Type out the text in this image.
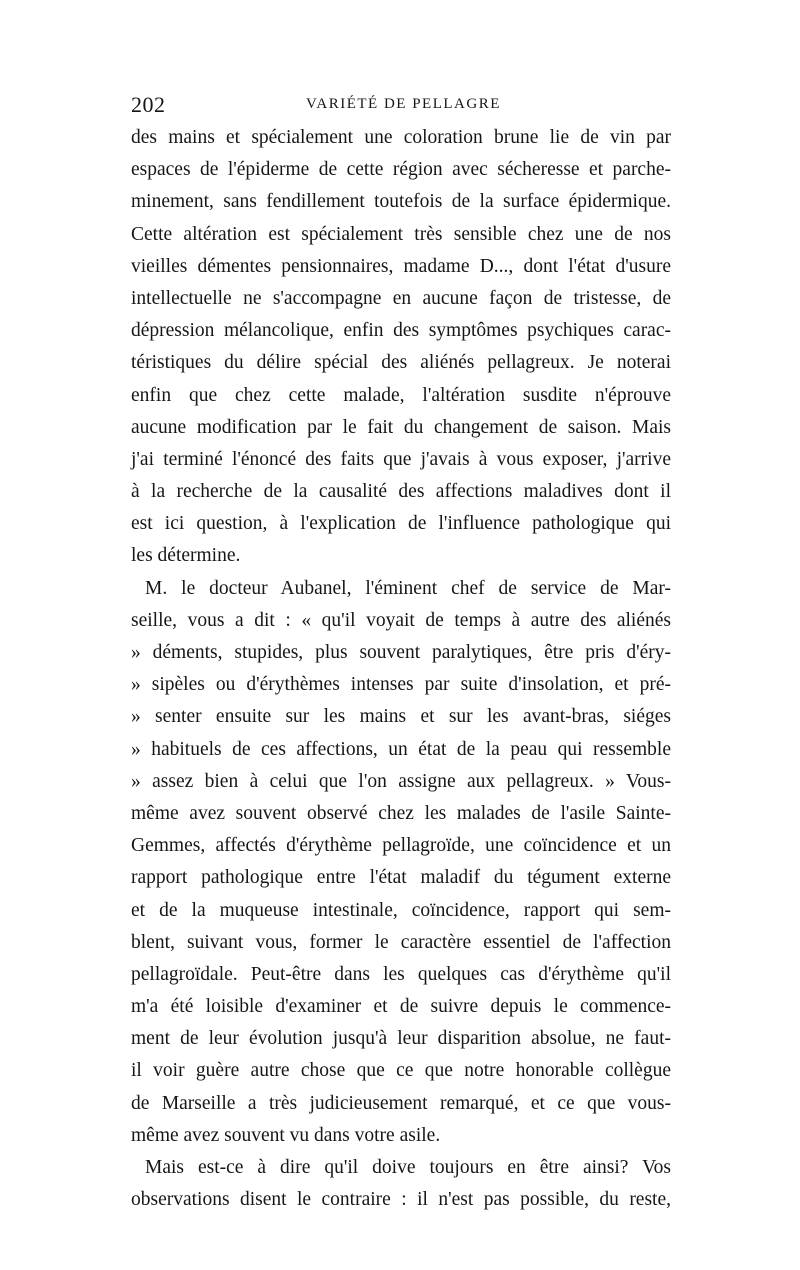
202	VARIÉTÉ DE PELLAGRE
des mains et spécialement une coloration brune lie de vin par
espaces de l'épiderme de cette région avec sécheresse et parche-
minement, sans fendillement toutefois de la surface épidermique.
Cette altération est spécialement très sensible chez une de nos
vieilles démentes pensionnaires, madame D..., dont l'état d'usure
intellectuelle ne s'accompagne en aucune façon de tristesse, de
dépression mélancolique, enfin des symptômes psychiques carac-
téristiques du délire spécial des aliénés pellagreux. Je noterai
enfin que chez cette malade, l'altération susdite n'éprouve
aucune modification par le fait du changement de saison. Mais
j'ai terminé l'énoncé des faits que j'avais à vous exposer, j'arrive
à la recherche de la causalité des affections maladives dont il
est ici question, à l'explication de l'influence pathologique qui
les détermine.
M. le docteur Aubanel, l'éminent chef de service de Mar-
seille, vous a dit : « qu'il voyait de temps à autre des aliénés
» déments, stupides, plus souvent paralytiques, être pris d'éry-
» sipèles ou d'érythèmes intenses par suite d'insolation, et pré-
» senter ensuite sur les mains et sur les avant-bras, siéges
» habituels de ces affections, un état de la peau qui ressemble
» assez bien à celui que l'on assigne aux pellagreux. » Vous-
même avez souvent observé chez les malades de l'asile Sainte-
Gemmes, affectés d'érythème pellagroïde, une coïncidence et un
rapport pathologique entre l'état maladif du tégument externe
et de la muqueuse intestinale, coïncidence, rapport qui sem-
blent, suivant vous, former le caractère essentiel de l'affection
pellagroïdale. Peut-être dans les quelques cas d'érythème qu'il
m'a été loisible d'examiner et de suivre depuis le commence-
ment de leur évolution jusqu'à leur disparition absolue, ne faut-
il voir guère autre chose que ce que notre honorable collègue
de Marseille a très judicieusement remarqué, et ce que vous-
même avez souvent vu dans votre asile.
Mais est-ce à dire qu'il doive toujours en être ainsi? Vos
observations disent le contraire : il n'est pas possible, du reste,
